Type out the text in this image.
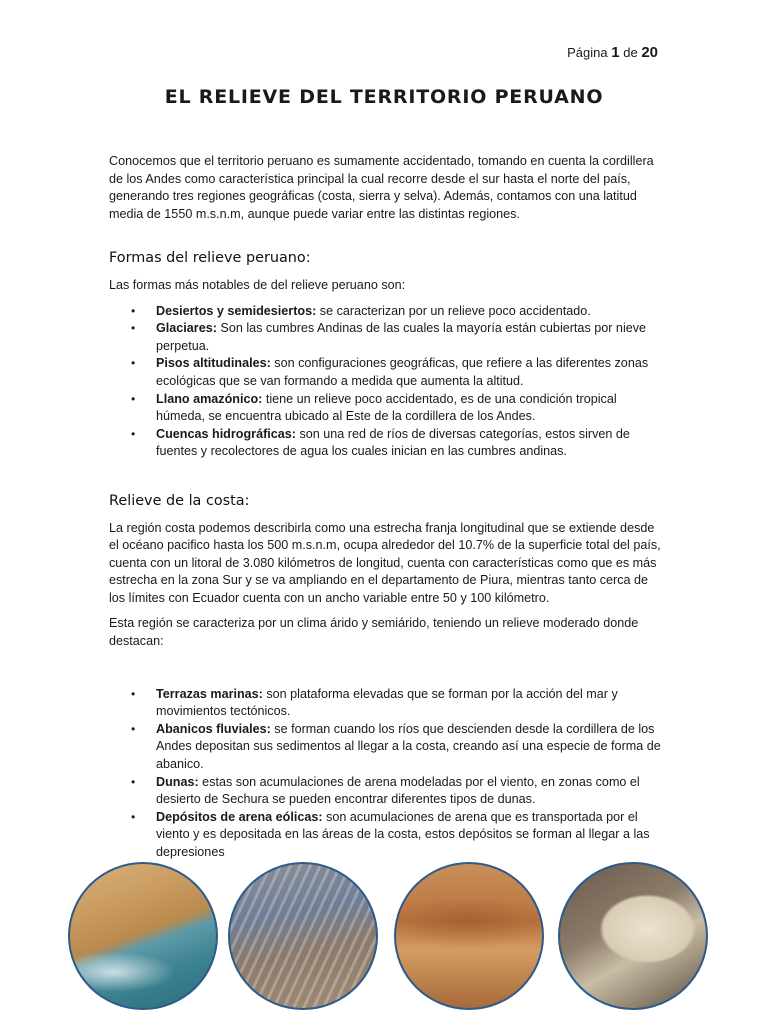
Página 1 de 20
EL RELIEVE DEL TERRITORIO PERUANO

Conocemos que el territorio peruano es sumamente accidentado, tomando en cuenta la cordillera de los Andes como característica principal la cual recorre desde el sur hasta el norte del país, generando tres regiones geográficas (costa, sierra y selva). Además, contamos con una latitud media de 1550 m.s.n.m, aunque puede variar entre las distintas regiones.

Formas del relieve peruano:

Las formas más notables de del relieve peruano son:

• Desiertos y semidesiertos: se caracterizan por un relieve poco accidentado.
• Glaciares: Son las cumbres Andinas de las cuales la mayoría están cubiertas por nieve perpetua.
• Pisos altitudinales: son configuraciones geográficas, que refiere a las diferentes zonas ecológicas que se van formando a medida que aumenta la altitud.
• Llano amazónico: tiene un relieve poco accidentado, es de una condición tropical húmeda, se encuentra ubicado al Este de la cordillera de los Andes.
• Cuencas hidrográficas: son una red de ríos de diversas categorías, estos sirven de fuentes y recolectores de agua los cuales inician en las cumbres andinas.
Relieve de la costa:

La región costa podemos describirla como una estrecha franja longitudinal que se extiende desde el océano pacifico hasta los 500 m.s.n.m, ocupa alrededor del 10.7% de la superficie total del país, cuenta con un litoral de 3.080 kilómetros de longitud, cuenta con características como que es más estrecha en la zona Sur y se va ampliando en el departamento de Piura, mientras tanto cerca de los límites con Ecuador cuenta con un ancho variable entre 50 y 100 kilómetro.

Esta región se caracteriza por un clima árido y semiárido, teniendo un relieve moderado donde destacan:

• Terrazas marinas: son plataforma elevadas que se forman por la acción del mar y movimientos tectónicos.
• Abanicos fluviales: se forman cuando los ríos que descienden desde la cordillera de los Andes depositan sus sedimentos al llegar a la costa, creando así una especie de forma de abanico.
• Dunas: estas son acumulaciones de arena modeladas por el viento, en zonas como el desierto de Sechura se pueden encontrar diferentes tipos de dunas.
• Depósitos de arena eólicas: son acumulaciones de arena que es transportada por el viento y es depositada en las áreas de la costa, estos depósitos se forman al llegar a las depresiones
